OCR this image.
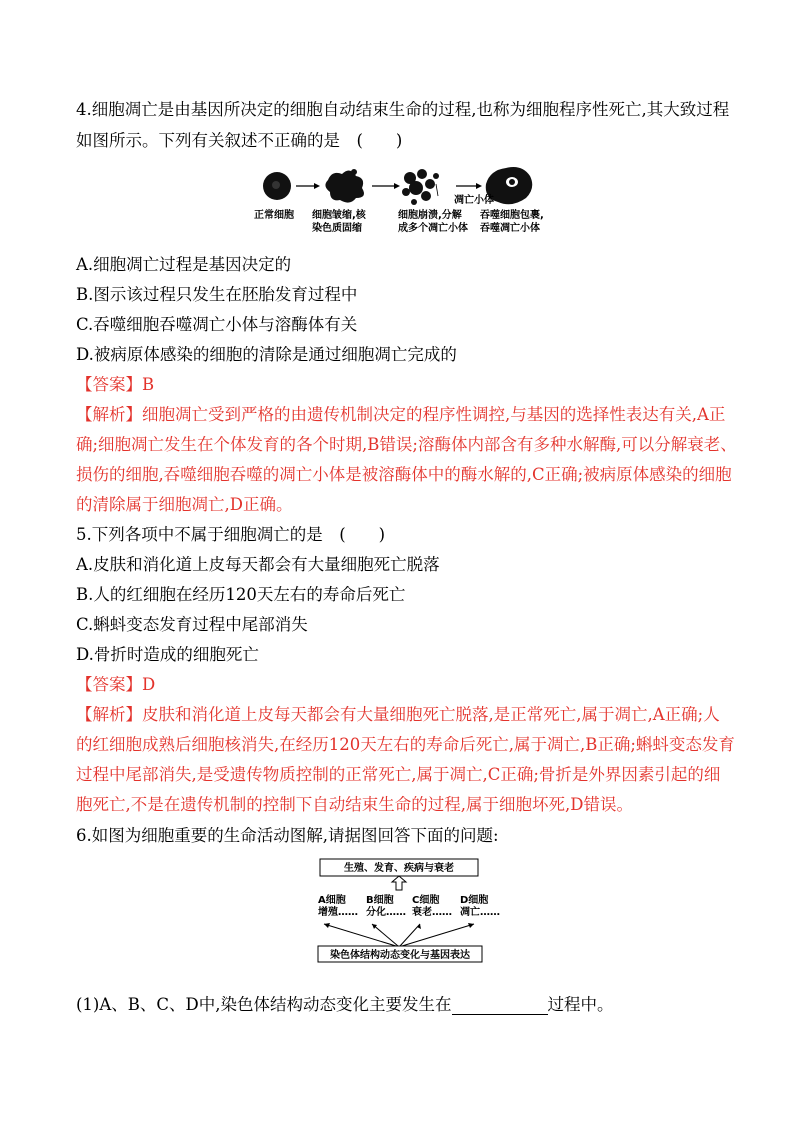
4.细胞凋亡是由基因所决定的细胞自动结束生命的过程,也称为细胞程序性死亡,其大致过程
如图所示。下列有关叙述不正确的是　(　　)
凋亡小体
正常细胞 细胞皱缩,核
染色质固缩
细胞崩溃,分解
成多个凋亡小体
吞噬细胞包裹,
吞噬凋亡小体
A.细胞凋亡过程是基因决定的
B.图示该过程只发生在胚胎发育过程中
C.吞噬细胞吞噬凋亡小体与溶酶体有关
D.被病原体感染的细胞的清除是通过细胞凋亡完成的
【答案】B
【解析】细胞凋亡受到严格的由遗传机制决定的程序性调控,与基因的选择性表达有关,A正
确;细胞凋亡发生在个体发育的各个时期,B错误;溶酶体内部含有多种水解酶,可以分解衰老、
损伤的细胞,吞噬细胞吞噬的凋亡小体是被溶酶体中的酶水解的,C正确;被病原体感染的细胞
的清除属于细胞凋亡,D正确。
5.下列各项中不属于细胞凋亡的是　(　　)
A.皮肤和消化道上皮每天都会有大量细胞死亡脱落
B.人的红细胞在经历120天左右的寿命后死亡
C.蝌蚪变态发育过程中尾部消失
D.骨折时造成的细胞死亡
【答案】D
【解析】皮肤和消化道上皮每天都会有大量细胞死亡脱落,是正常死亡,属于凋亡,A正确;人
的红细胞成熟后细胞核消失,在经历120天左右的寿命后死亡,属于凋亡,B正确;蝌蚪变态发育
过程中尾部消失,是受遗传物质控制的正常死亡,属于凋亡,C正确;骨折是外界因素引起的细
胞死亡,不是在遗传机制的控制下自动结束生命的过程,属于细胞坏死,D错误。
6.如图为细胞重要的生命活动图解,请据图回答下面的问题:
生殖、发育、疾病与衰老
A细胞
增殖……
B细胞
分化……
C细胞
衰老……
D细胞
凋亡……
染色体结构动态变化与基因表达
(1)A、B、C、D中,染色体结构动态变化主要发生在	过程中。
